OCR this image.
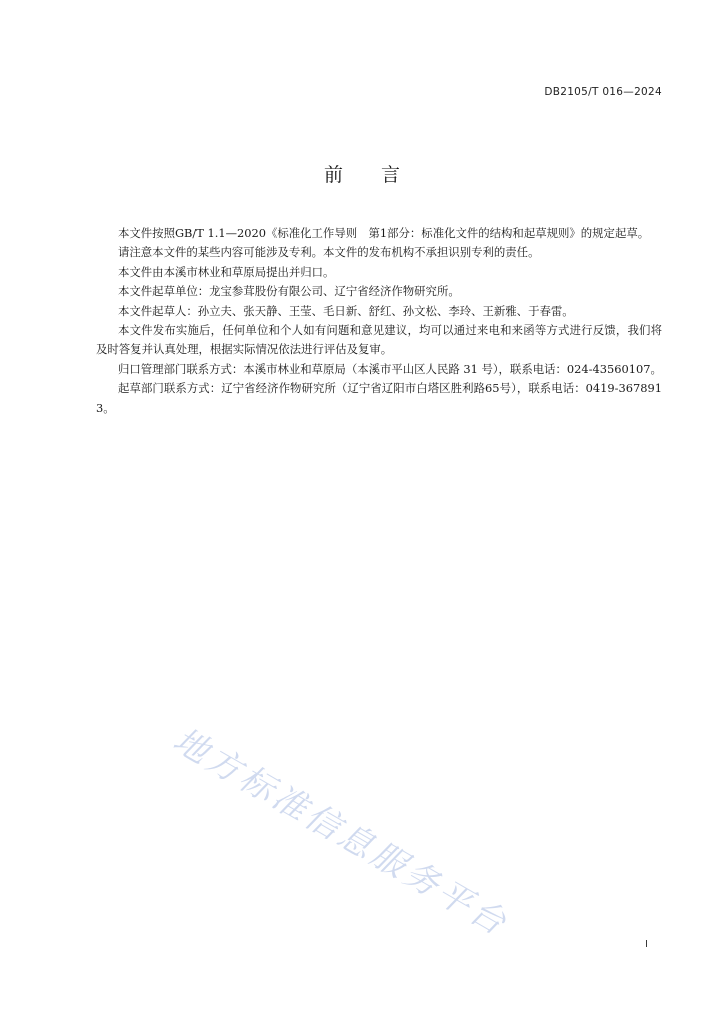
DB2105/T 016—2024
前言

本文件按照GB/T 1.1—2020《标准化工作导则　第1部分：标准化文件的结构和起草规则》的规定起草。

请注意本文件的某些内容可能涉及专利。本文件的发布机构不承担识别专利的责任。

本文件由本溪市林业和草原局提出并归口。

本文件起草单位：龙宝参茸股份有限公司、辽宁省经济作物研究所。

本文件起草人：孙立夫、张天静、王莹、毛日新、舒红、孙文松、李玲、王新雅、于春雷。

本文件发布实施后，任何单位和个人如有问题和意见建议，均可以通过来电和来函等方式进行反馈，我们将及时答复并认真处理，根据实际情况依法进行评估及复审。

归口管理部门联系方式：本溪市林业和草原局（本溪市平山区人民路 31 号），联系电话：024-43560107。

起草部门联系方式：辽宁省经济作物研究所（辽宁省辽阳市白塔区胜利路65号），联系电话：0419-3678913。

地方标准信息服务平台	I
